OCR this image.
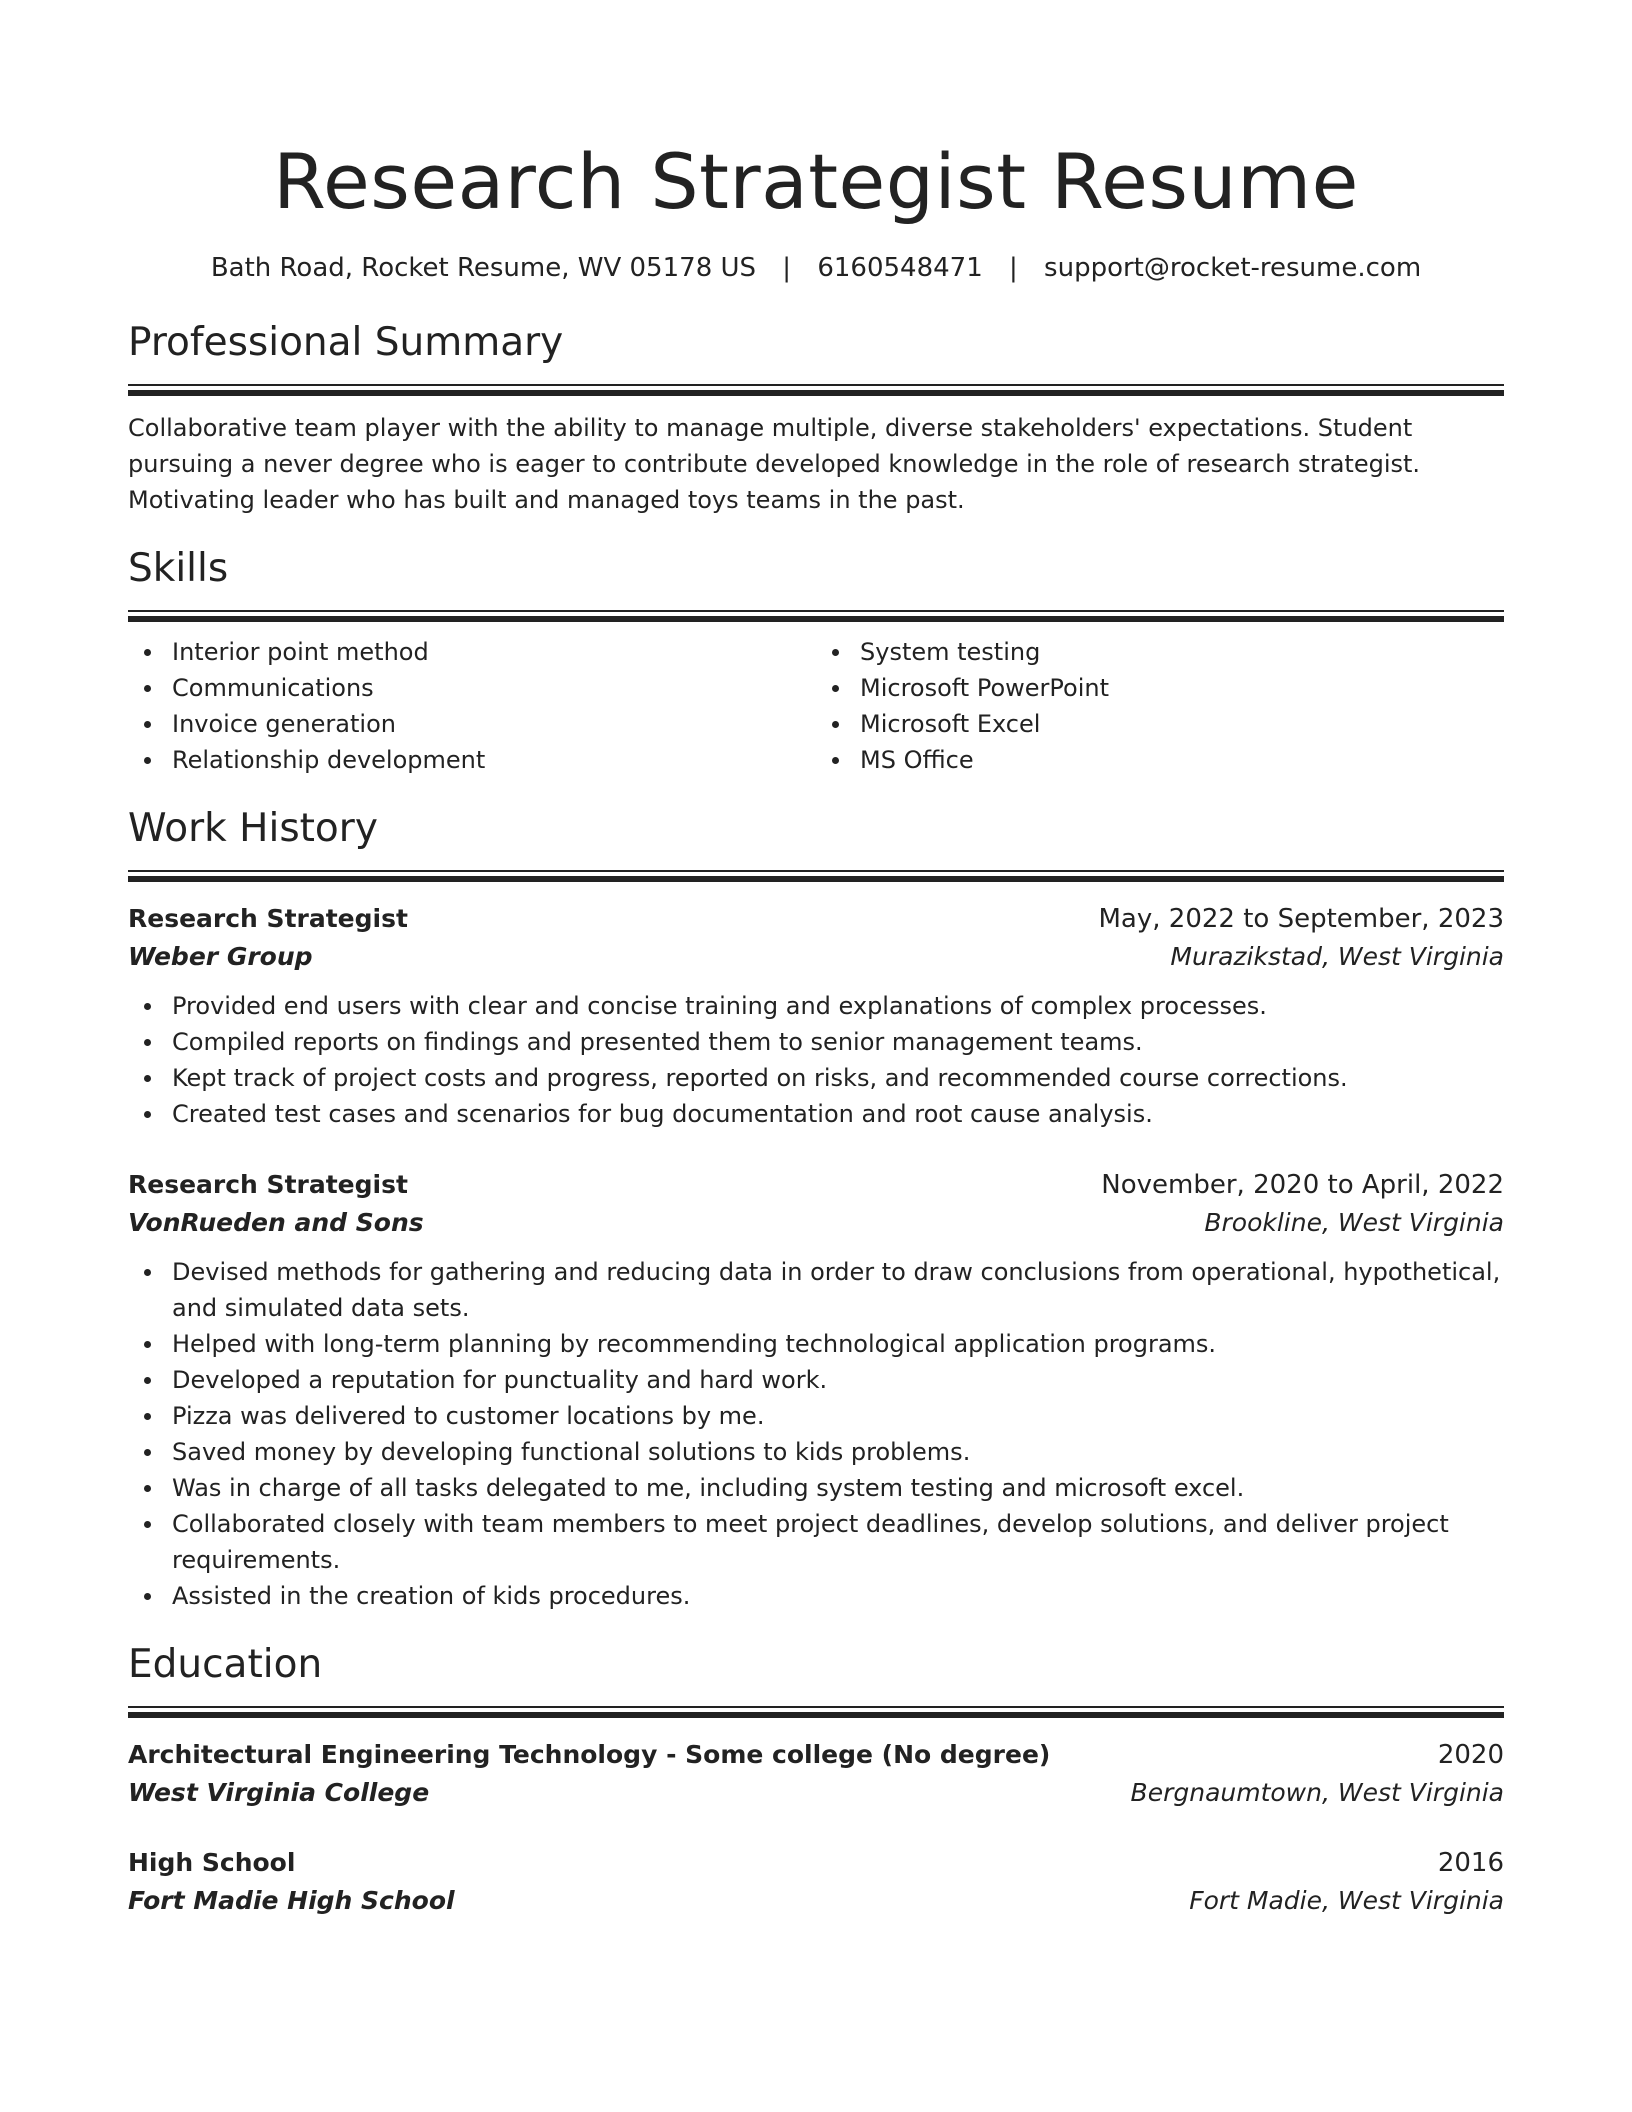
Research Strategist Resume
Bath Road, Rocket Resume, WV 05178 US | 6160548471 | support@rocket-resume.com
Professional Summary
Collaborative team player with the ability to manage multiple, diverse stakeholders' expectations. Student pursuing a never degree who is eager to contribute developed knowledge in the role of research strategist. Motivating leader who has built and managed toys teams in the past.
Skills
Interior point method
Communications
Invoice generation
Relationship development
System testing
Microsoft PowerPoint
Microsoft Excel
MS Office
Work History
Research Strategist	May, 2022 to September, 2023
Weber Group	Murazikstad, West Virginia
Provided end users with clear and concise training and explanations of complex processes.
Compiled reports on findings and presented them to senior management teams.
Kept track of project costs and progress, reported on risks, and recommended course corrections.
Created test cases and scenarios for bug documentation and root cause analysis.
Research Strategist	November, 2020 to April, 2022
VonRueden and Sons	Brookline, West Virginia
Devised methods for gathering and reducing data in order to draw conclusions from operational, hypothetical, and simulated data sets.
Helped with long-term planning by recommending technological application programs.
Developed a reputation for punctuality and hard work.
Pizza was delivered to customer locations by me.
Saved money by developing functional solutions to kids problems.
Was in charge of all tasks delegated to me, including system testing and microsoft excel.
Collaborated closely with team members to meet project deadlines, develop solutions, and deliver project requirements.
Assisted in the creation of kids procedures.
Education
Architectural Engineering Technology - Some college (No degree)	2020
West Virginia College	Bergnaumtown, West Virginia
High School	2016
Fort Madie High School	Fort Madie, West Virginia
